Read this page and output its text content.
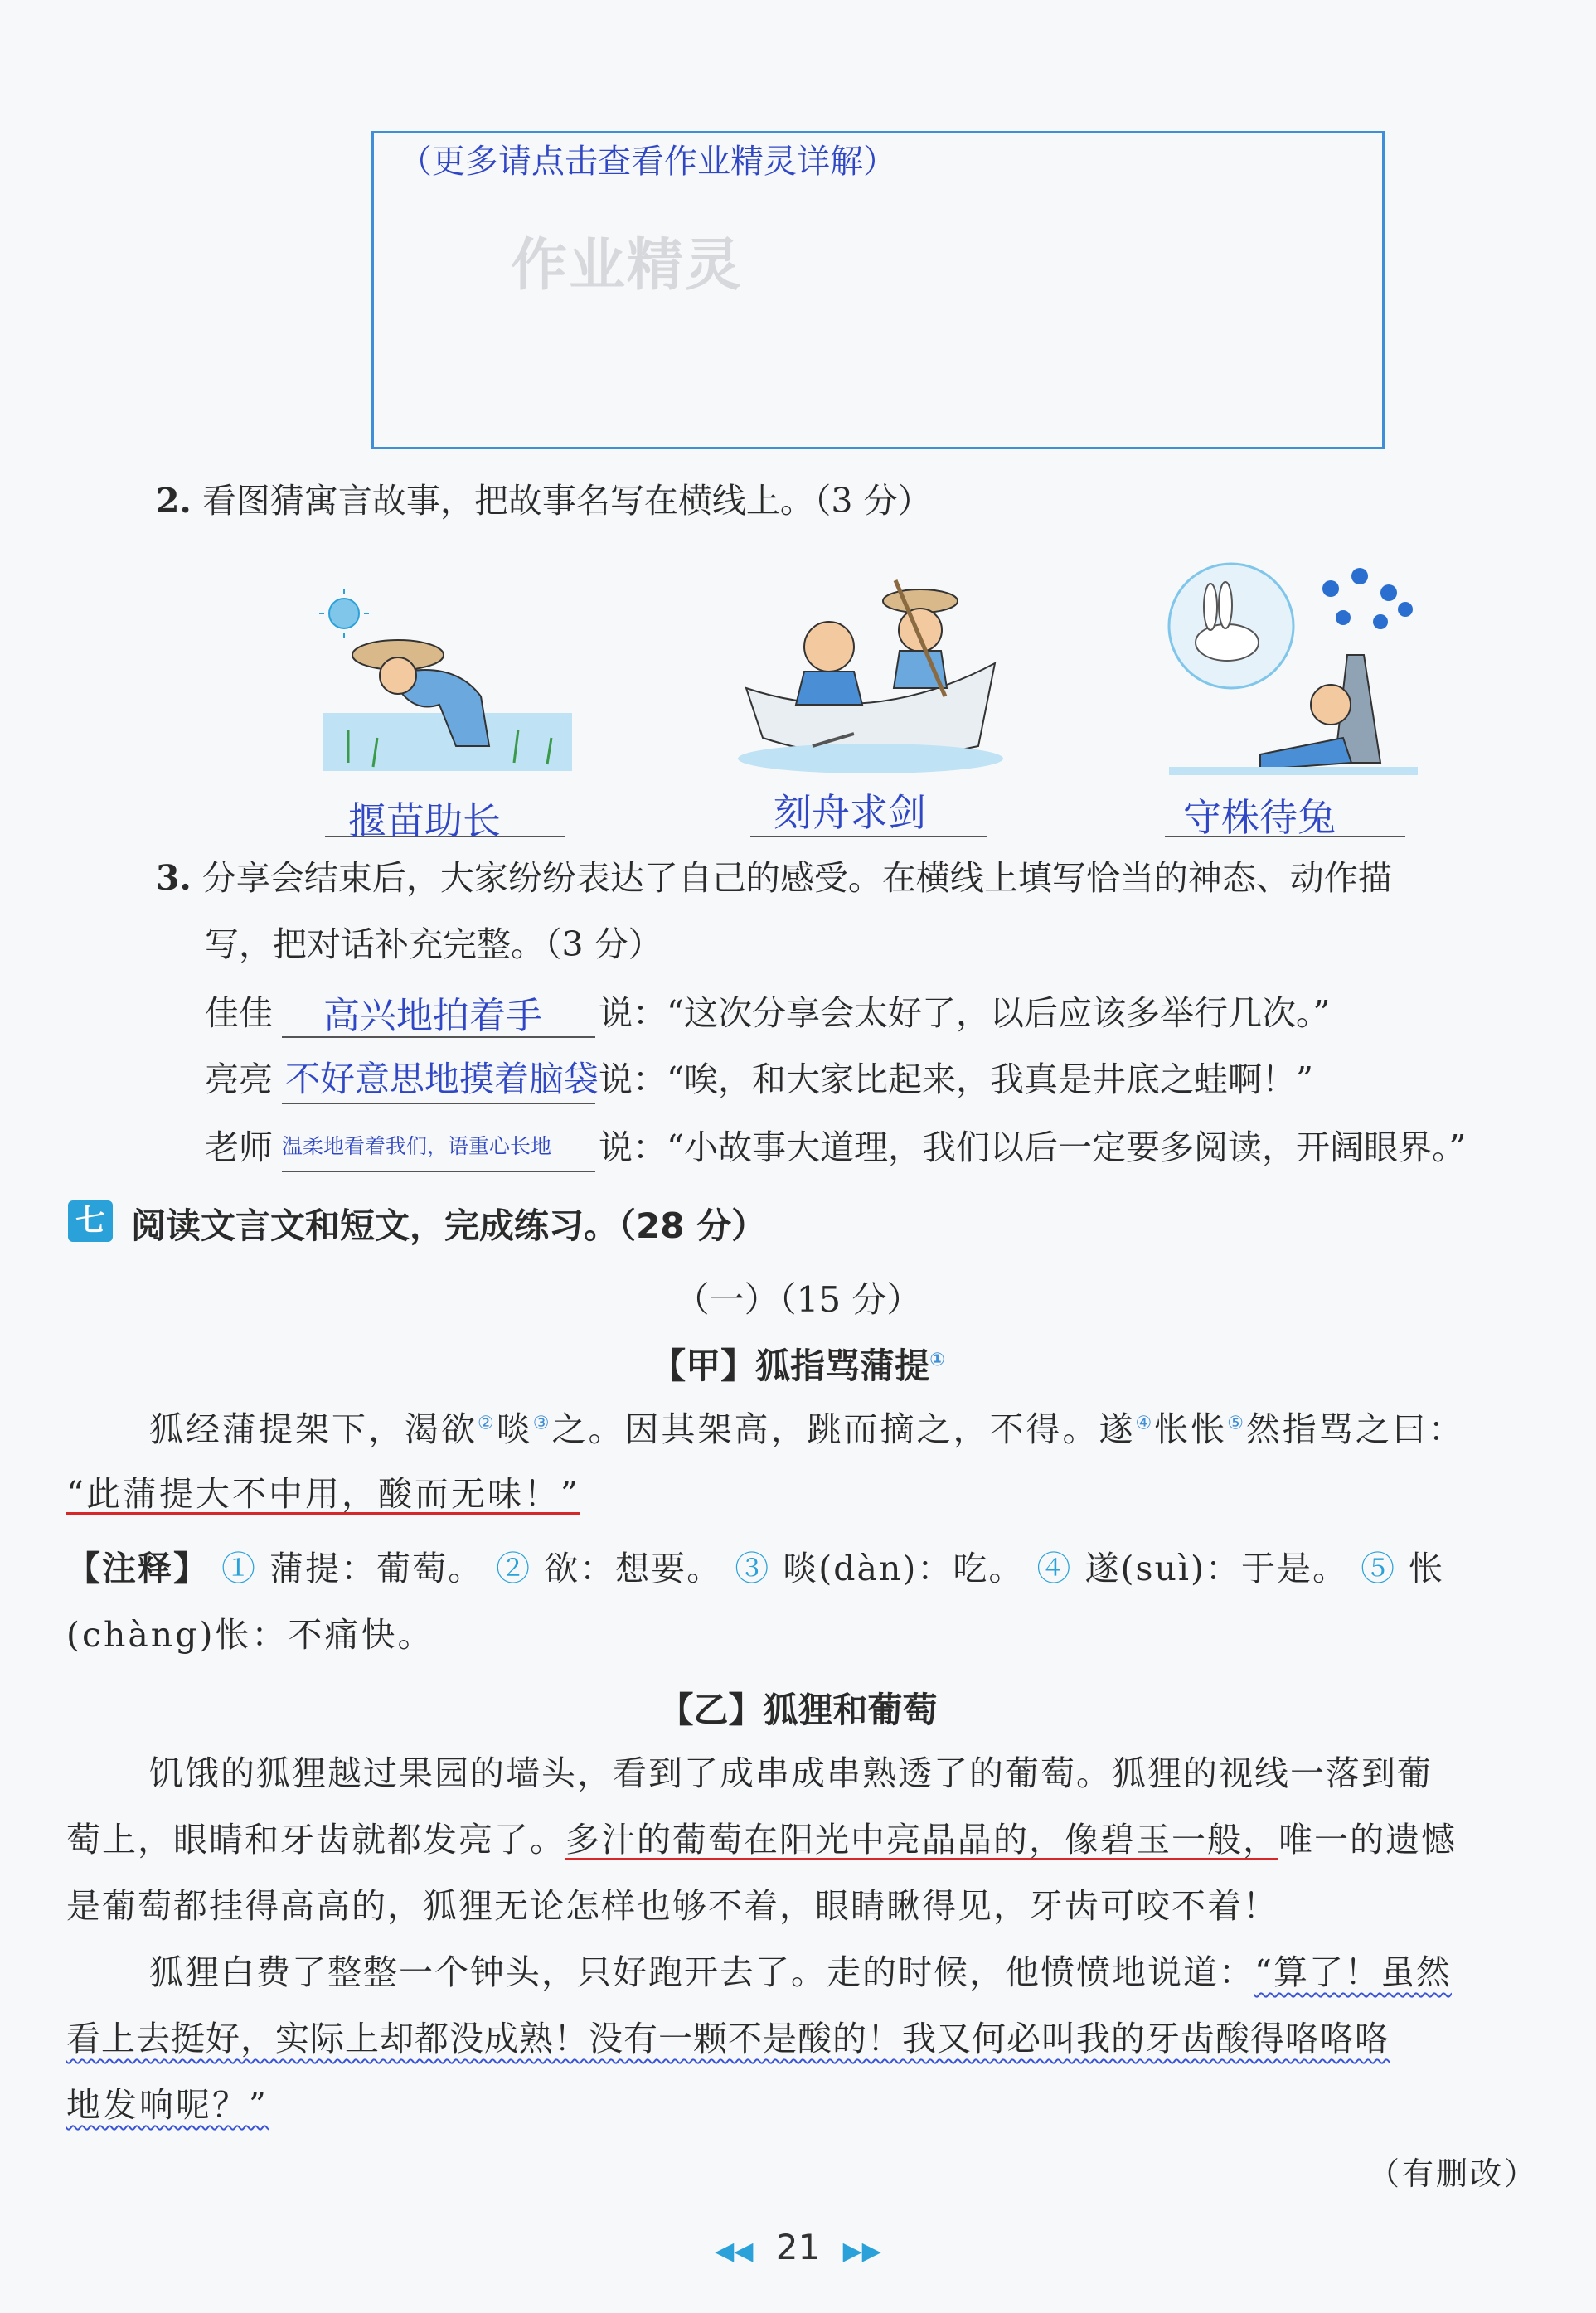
（更多请点击查看作业精灵详解）
作业精灵
2. 看图猜寓言故事，把故事名写在横线上。（3 分）
揠苗助长	刻舟求剑	守株待兔
3. 分享会结束后，大家纷纷表达了自己的感受。在横线上填写恰当的神态、动作描
写，把对话补充完整。（3 分）
佳佳 高兴地拍着手 说：“这次分享会太好了，以后应该多举行几次。”
亮亮 不好意思地摸着脑袋 说：“唉，和大家比起来，我真是井底之蛙啊！”
老师 温柔地看着我们，语重心长地 说：“小故事大道理，我们以后一定要多阅读，开阔眼界。”
七 阅读文言文和短文，完成练习。（28 分）
（一）（15 分）
【甲】狐指骂蒲提①
狐经蒲提架下，渴欲②啖③之。因其架高，跳而摘之，不得。遂④怅怅⑤然指骂之曰：
“此蒲提大不中用，酸而无味！”
【注释】 ① 蒲提：葡萄。 ② 欲：想要。 ③ 啖(dàn)：吃。 ④ 遂(suì)：于是。 ⑤ 怅
(chàng)怅：不痛快。
【乙】狐狸和葡萄
饥饿的狐狸越过果园的墙头，看到了成串成串熟透了的葡萄。狐狸的视线一落到葡
萄上，眼睛和牙齿就都发亮了。多汁的葡萄在阳光中亮晶晶的，像碧玉一般，唯一的遗憾
是葡萄都挂得高高的，狐狸无论怎样也够不着，眼睛瞅得见，牙齿可咬不着！
狐狸白费了整整一个钟头，只好跑开去了。走的时候，他愤愤地说道：“算了！虽然
看上去挺好，实际上却都没成熟！没有一颗不是酸的！我又何必叫我的牙齿酸得咯咯咯
地发响呢？”
（有删改）
◀◀ 21 ▶▶
